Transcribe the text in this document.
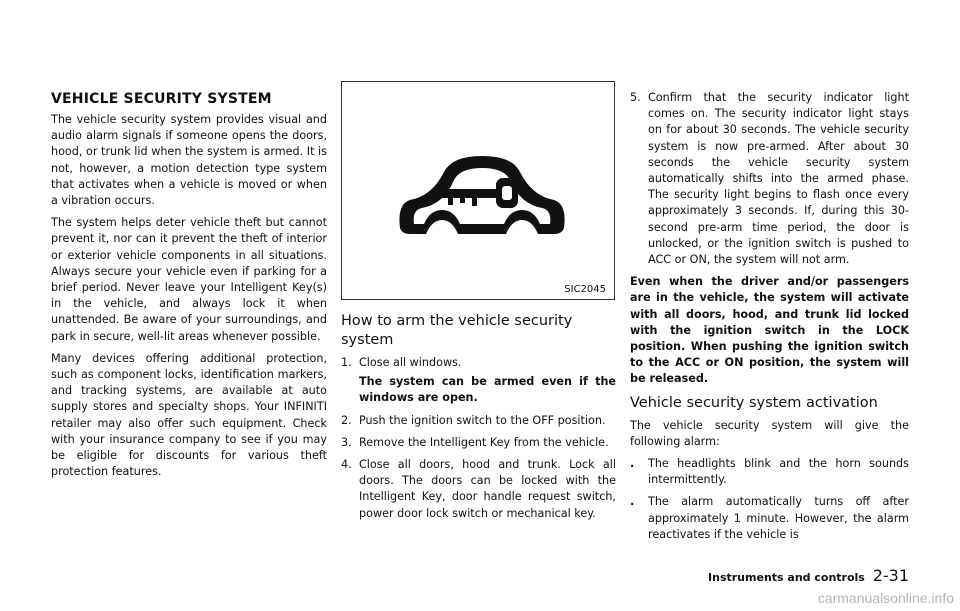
VEHICLE SECURITY SYSTEM

The vehicle security system provides visual and audio alarm signals if someone opens the doors, hood, or trunk lid when the system is armed. It is not, however, a motion detection type system that activates when a vehicle is moved or when a vibration occurs.

The system helps deter vehicle theft but cannot prevent it, nor can it prevent the theft of interior or exterior vehicle components in all situations. Always secure your vehicle even if parking for a brief period. Never leave your Intelligent Key(s) in the vehicle, and always lock it when unattended. Be aware of your surroundings, and park in secure, well-lit areas whenever possible.

Many devices offering additional protection, such as component locks, identification markers, and tracking systems, are available at auto supply stores and specialty shops. Your INFINITI retailer may also offer such equipment. Check with your insurance company to see if you may be eligible for discounts for various theft protection features.

SIC2045
How to arm the vehicle security system
1. Close all windows.
The system can be armed even if the windows are open.
2. Push the ignition switch to the OFF position.
3. Remove the Intelligent Key from the vehicle.
4. Close all doors, hood and trunk. Lock all doors. The doors can be locked with the Intelligent Key, door handle request switch, power door lock switch or mechanical key.
5. Confirm that the security indicator light comes on. The security indicator light stays on for about 30 seconds. The vehicle security system is now pre-armed. After about 30 seconds the vehicle security system automatically shifts into the armed phase. The security light begins to flash once every approximately 3 seconds. If, during this 30-second pre-arm time period, the door is unlocked, or the ignition switch is pushed to ACC or ON, the system will not arm.

Even when the driver and/or passengers are in the vehicle, the system will activate with all doors, hood, and trunk lid locked with the ignition switch in the LOCK position. When pushing the ignition switch to the ACC or ON position, the system will be released.

Vehicle security system activation

The vehicle security system will give the following alarm:

.	The headlights blink and the horn sounds intermittently.
.	The alarm automatically turns off after approximately 1 minute. However, the alarm reactivates if the vehicle is
Instruments and controls 2-31
carmanualsonline.info
